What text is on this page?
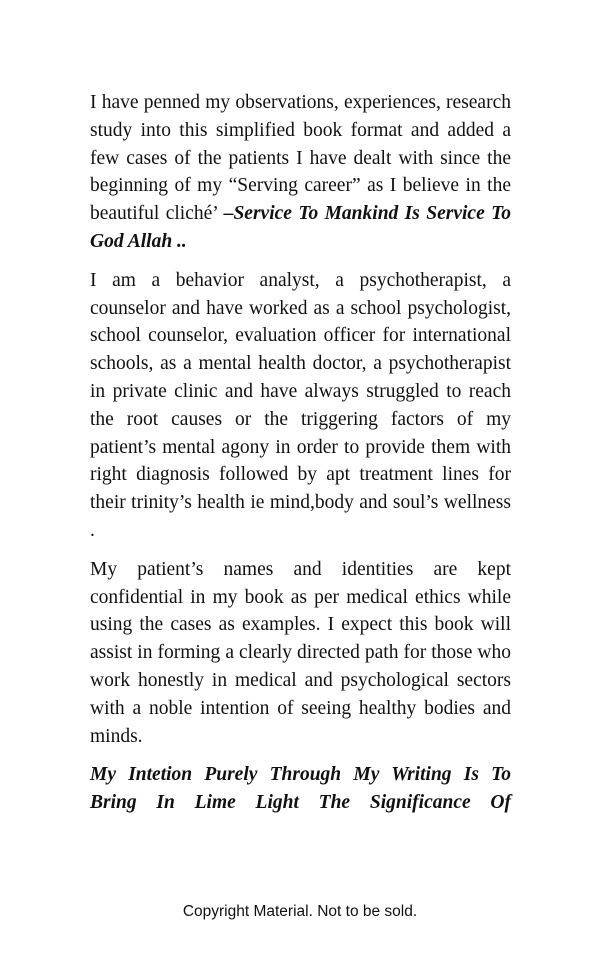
I have penned my observations, experiences, research study into this simplified book format and added a few cases of the patients I have dealt with since the beginning of my “Serving career” as I believe in the beautiful cliché’ –Service To Mankind Is Service To God Allah ..

I am a behavior analyst, a psychotherapist, a counselor and have worked as a school psychologist, school counselor, evaluation officer for international schools, as a mental health doctor, a psychotherapist in private clinic and have always struggled to reach the root causes or the triggering factors of my patient’s mental agony in order to provide them with right diagnosis followed by apt treatment lines for their trinity’s health ie mind,body and soul’s wellness .

My patient’s names and identities are kept confidential in my book as per medical ethics while using the cases as examples. I expect this book will assist in forming a clearly directed path for those who work honestly in medical and psychological sectors with a noble intention of seeing healthy bodies and minds.

My Intetion Purely Through My Writing Is To Bring In Lime Light The Significance Of

Copyright Material. Not to be sold.
